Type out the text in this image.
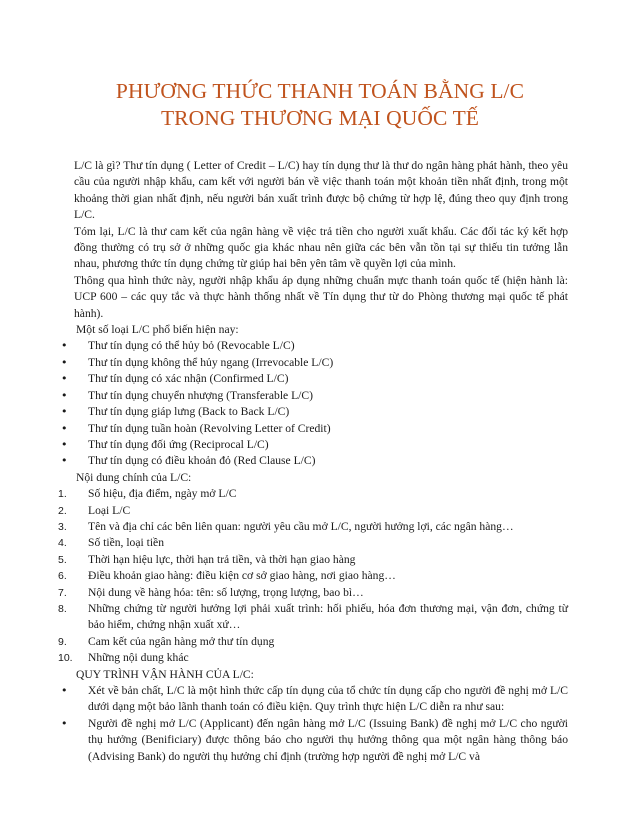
PHƯƠNG THỨC THANH TOÁN BẰNG L/C
TRONG THƯƠNG MẠI QUỐC TẾ
L/C là gì? Thư tín dụng ( Letter of Credit – L/C) hay tín dụng thư là thư do ngân hàng phát hành, theo yêu cầu của người nhập khẩu, cam kết với người bán về việc thanh toán một khoản tiền nhất định, trong một khoảng thời gian nhất định, nếu người bán xuất trình được bộ chứng từ hợp lệ, đúng theo quy định trong L/C.
Tóm lại, L/C là thư cam kết của ngân hàng về việc trả tiền cho người xuất khẩu. Các đối tác ký kết hợp đồng thường có trụ sở ở những quốc gia khác nhau nên giữa các bên vẫn tồn tại sự thiếu tin tưởng lẫn nhau, phương thức tín dụng chứng từ giúp hai bên yên tâm về quyền lợi của mình.
Thông qua hình thức này, người nhập khẩu áp dụng những chuẩn mực thanh toán quốc tế (hiện hành là: UCP 600 – các quy tắc và thực hành thống nhất về Tín dụng thư từ do Phòng thương mại quốc tế phát hành).
Một số loại L/C phổ biến hiện nay:
• Thư tín dụng có thể hủy bỏ (Revocable L/C)
• Thư tín dụng không thể hủy ngang (Irrevocable L/C)
• Thư tín dụng có xác nhận (Confirmed L/C)
• Thư tín dụng chuyển nhượng (Transferable L/C)
• Thư tín dụng giáp lưng (Back to Back L/C)
• Thư tín dụng tuần hoàn (Revolving Letter of Credit)
• Thư tín dụng đối ứng (Reciprocal L/C)
• Thư tín dụng có điều khoản đỏ (Red Clause L/C)
Nội dung chính của L/C:
1. Số hiệu, địa điểm, ngày mở L/C
2. Loại L/C
3. Tên và địa chỉ các bên liên quan: người yêu cầu mở L/C, người hưởng lợi, các ngân hàng…
4. Số tiền, loại tiền
5. Thời hạn hiệu lực, thời hạn trả tiền, và thời hạn giao hàng
6. Điều khoản giao hàng: điều kiện cơ sở giao hàng, nơi giao hàng…
7. Nội dung về hàng hóa: tên: số lượng, trọng lượng, bao bì…
8. Những chứng từ người hưởng lợi phải xuất trình: hối phiếu, hóa đơn thương mại, vận đơn, chứng từ bảo hiểm, chứng nhận xuất xứ…
9. Cam kết của ngân hàng mở thư tín dụng
10. Những nội dung khác
QUY TRÌNH VẬN HÀNH CỦA L/C:
• Xét về bản chất, L/C là một hình thức cấp tín dụng của tổ chức tín dụng cấp cho người đề nghị mở L/C dưới dạng một bảo lãnh thanh toán có điều kiện. Quy trình thực hiện L/C diễn ra như sau:
• Người đề nghị mở L/C (Applicant) đến ngân hàng mở L/C (Issuing Bank) đề nghị mở L/C cho người thụ hưởng (Benificiary) được thông báo cho người thụ hưởng thông qua một ngân hàng thông báo (Advising Bank) do người thụ hưởng chỉ định (trường hợp người đề nghị mở L/C và
